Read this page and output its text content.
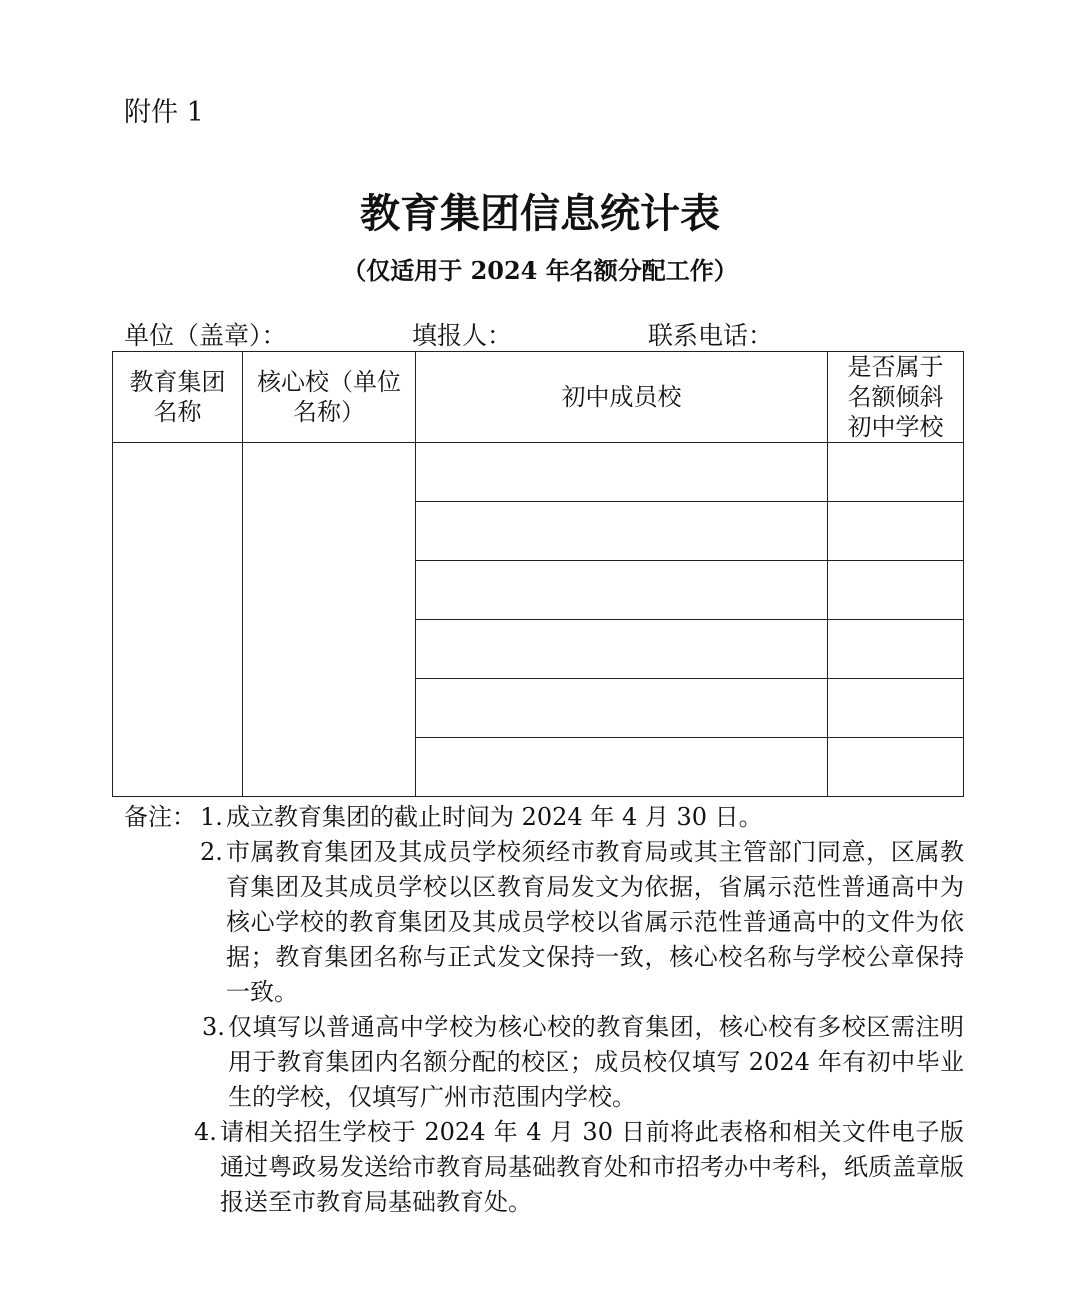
附件 1
教育集团信息统计表
（仅适用于 2024 年名额分配工作）
单位（盖章）：	填报人：	联系电话：
教育集团名称	核心校（单位名称）	初中成员校	是否属于名额倾斜初中学校

备注： 1. 成立教育集团的截止时间为 2024 年 4 月 30 日。
2. 市属教育集团及其成员学校须经市教育局或其主管部门同意，区属教育集团及其成员学校以区教育局发文为依据，省属示范性普通高中为核心学校的教育集团及其成员学校以省属示范性普通高中的文件为依据；教育集团名称与正式发文保持一致，核心校名称与学校公章保持一致。
3. 仅填写以普通高中学校为核心校的教育集团，核心校有多校区需注明用于教育集团内名额分配的校区；成员校仅填写 2024 年有初中毕业生的学校，仅填写广州市范围内学校。
4. 请相关招生学校于 2024 年 4 月 30 日前将此表格和相关文件电子版通过粤政易发送给市教育局基础教育处和市招考办中考科，纸质盖章版报送至市教育局基础教育处。
